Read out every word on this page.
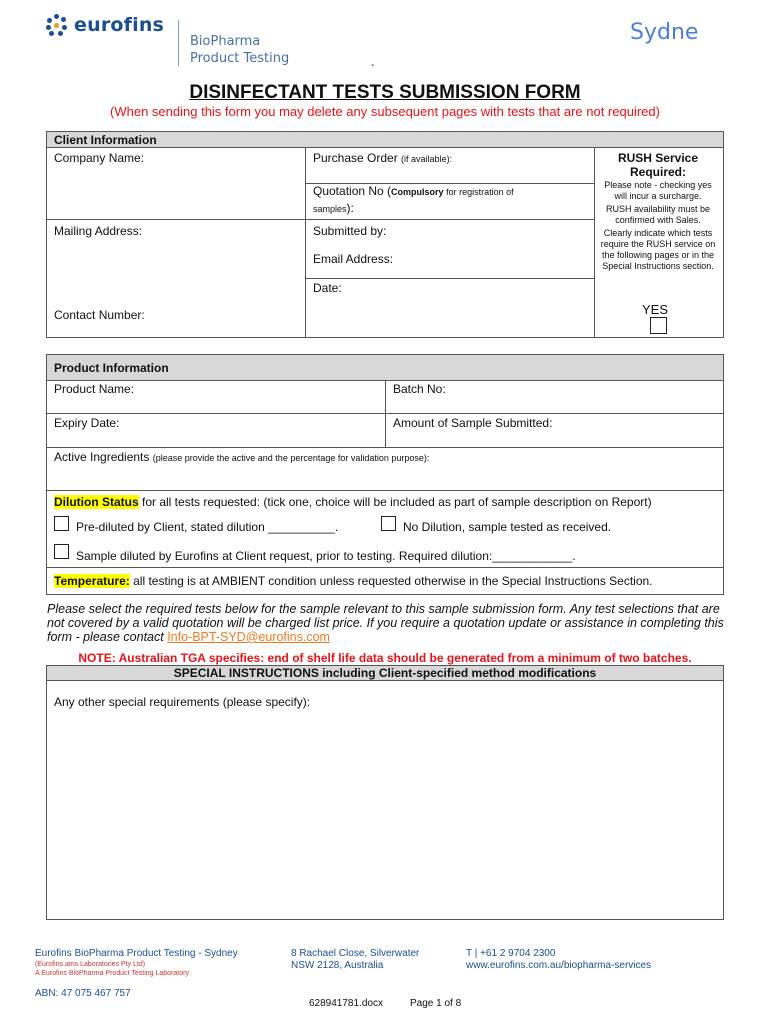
eurofins
BioPharma
Product Testing
Sydne
-
DISINFECTANT TESTS SUBMISSION FORM
(When sending this form you may delete any subsequent pages with tests that are not required)
Client Information
Company Name:	Purchase Order (if available):
Quotation No (Compulsory for registration of
samples):
Mailing Address:	Submitted by:
Email Address:
Date:
Contact Number:
RUSH Service Required:
Please note - checking yes will incur a surcharge.
RUSH availability must be confirmed with Sales.
Clearly indicate which tests require the RUSH service on the following pages or in the Special Instructions section.
YES
Product Information
Product Name:	Batch No:
Expiry Date:	Amount of Sample Submitted:
Active Ingredients (please provide the active and the percentage for validation purpose):
Dilution Status for all tests requested: (tick one, choice will be included as part of sample description on Report)
Pre-diluted by Client, stated dilution __________.	No Dilution, sample tested as received.
Sample diluted by Eurofins at Client request, prior to testing. Required dilution:____________.
Temperature: all testing is at AMBIENT condition unless requested otherwise in the Special Instructions Section.
Please select the required tests below for the sample relevant to this sample submission form. Any test selections that are not covered by a valid quotation will be charged list price. If you require a quotation update or assistance in completing this form - please contact Info-BPT-SYD@eurofins.com
NOTE: Australian TGA specifies: end of shelf life data should be generated from a minimum of two batches.
SPECIAL INSTRUCTIONS including Client-specified method modifications
Any other special requirements (please specify):
Eurofins BioPharma Product Testing - Sydney
(Eurofins ams Laboratories Pty Ltd)
A Eurofins BioPharma Product Testing Laboratory
8 Rachael Close, Silverwater
NSW 2128, Australia
T | +61 2 9704 2300
www.eurofins.com.au/biopharma-services
ABN: 47 075 467 757
628941781.docx	Page 1 of 8
